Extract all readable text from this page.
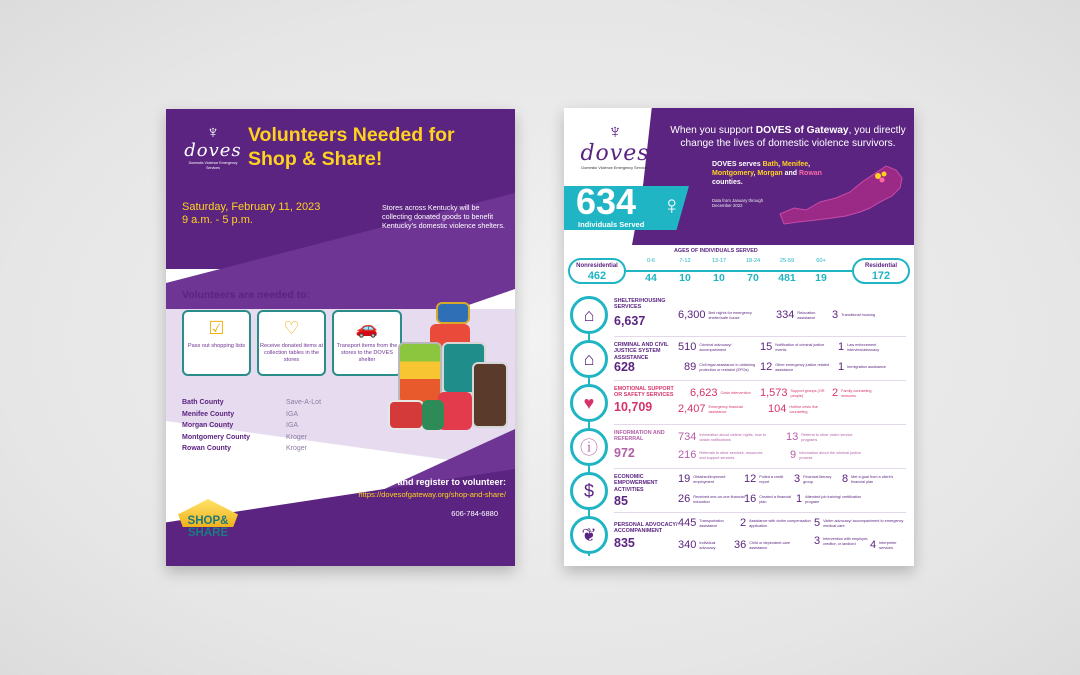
♆
doves
Domestic Violence Emergency Services
Volunteers Needed for Shop & Share!
Saturday, February 11, 2023
9 a.m. - 5 p.m.
Stores across Kentucky will be collecting donated goods to benefit Kentucky’s domestic violence shelters.
Volunteers are needed to:
☑
Pass out shopping lists
♡
Receive donated items at collection tables in the stores
🚗
Transport items from the stores to the DOVES shelter
Bath County	Save-A-Lot
Menifee County	IGA
Morgan County	IGA
Montgomery County	Kroger
Rowan County	Kroger
Learn more and register to volunteer:
https://dovesofgateway.org/shop-and-share/
606-784-6880
SHOP&
SHARE
FOR VICTIMS OF DOMESTIC VIOLENCE
♆
doves
Domestic Violence Emergency Services
When you support DOVES of Gateway, you directly change the lives of domestic violence survivors.
DOVES serves Bath, Menifee, Montgomery, Morgan and Rowan counties.
Data from January through December 2022
634
Individuals Served
♀
AGES OF INDIVIDUALS SERVED
Nonresidential
462
Residential
172
0-6
44
7-12
10
13-17
10
18-24
70
25-59
481
60+
19
⌂
SHELTER/HOUSING SERVICES
6,637	6,300 Bed nights for emergency shelter/safe house	334 Relocation assistance	3 Transitional housing
⌂
CRIMINAL AND CIVIL JUSTICE SYSTEM ASSISTANCE
628
510 Criminal advocacy/ accompaniment	15 Notification of criminal justice events	1 Law enforcement interview/advocacy
89 Civil legal assistance in obtaining protection or restraint (EPOs)	12 Other emergency justice related assistance	1 Immigration assistance
♥
EMOTIONAL SUPPORT OR SAFETY SERVICES
10,709
6,623 Crisis intervention 1,573 Support groups (OR people)	2 Family counseling sessions
2,407 Emergency financial assistance	104 Hotline crisis line counseling
ⓘ
INFORMATION AND REFERRAL
972
734 Information about victims' rights, how to obtain notifications	13 Referral to other victim service programs
216 Referrals to other services, resources and support services	9 Information about the criminal justice process
$
ECONOMIC EMPOWERMENT ACTIVITIES
85
19 Obtained/improved employment	12 Pulled a credit report	3 Financial literacy group	8 Met a goal from a client's financial plan
26 Received one-on-one financial education	16 Created a financial plan	1 Attended job training/ certification program
❦	PERSONAL ADVOCACY/ ACCOMPANIMENT
835
445 Transportation assistance	2 Assistance with victim compensation application	5 Victim advocacy/ accompaniment to emergency medical care
340 Individual advocacy	36 Child or dependent-care assistance
3 Intervention with employer, creditor, or landlord	4 Interpreter services
